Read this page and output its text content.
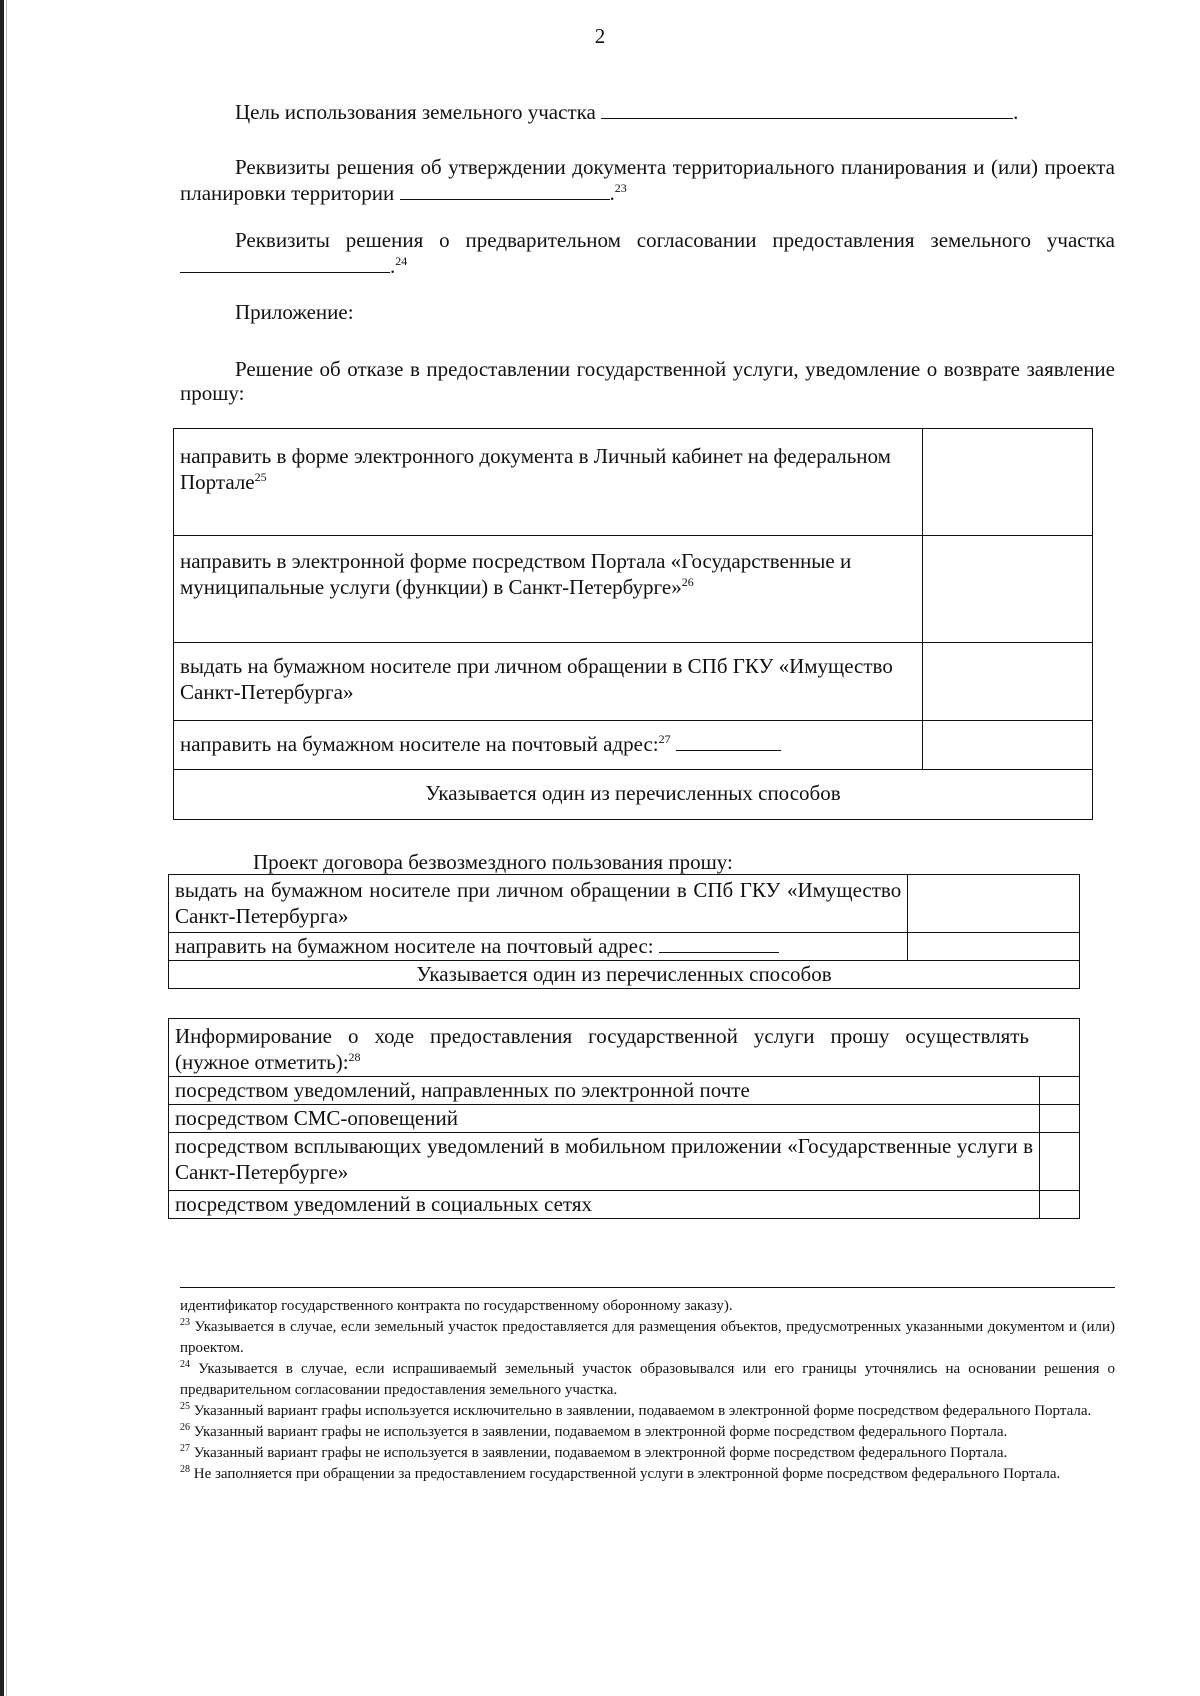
2
Цель использования земельного участка	.
Реквизиты решения об утверждении документа территориального планирования и (или) проекта планировки территории	.$^{23}$
Реквизиты решения о предварительном согласовании предоставления земельного участка .$^{24}$
Приложение:
Решение об отказе в предоставлении государственной услуги, уведомление о возврате заявление прошу:
направить в форме электронного документа в Личный кабинет на федеральном Портале$^{25}$	
направить в электронной форме посредством Портала «Государственные и муниципальные услуги (функции) в Санкт-Петербурге»$^{26}$	
выдать на бумажном носителе при личном обращении в СПб ГКУ «Имущество Санкт-Петербурга»	
направить на бумажном носителе на почтовый адрес:$^{27}$	
Указывается один из перечисленных способов	
Проект договора безвозмездного пользования прошу:
выдать на бумажном носителе при личном обращении в СПб ГКУ «Имущество Санкт-Петербурга»	
направить на бумажном носителе на почтовый адрес:	
Указывается один из перечисленных способов	
Информирование о ходе предоставления государственной услуги прошу осуществлять (нужное отметить):$^{28}$
посредством уведомлений, направленных по электронной почте	
посредством СМС-оповещений	
посредством всплывающих уведомлений в мобильном приложении «Государственные услуги в Санкт-Петербурге»	
посредством уведомлений в социальных сетях	

идентификатор государственного контракта по государственному оборонному заказу).

$^{23}$ Указывается в случае, если земельный участок предоставляется для размещения объектов, предусмотренных указанными документом и (или) проектом.

$^{24}$ Указывается в случае, если испрашиваемый земельный участок образовывался или его границы уточнялись на основании решения о предварительном согласовании предоставления земельного участка.

$^{25}$ Указанный вариант графы используется исключительно в заявлении, подаваемом в электронной форме посредством федерального Портала.

$^{26}$ Указанный вариант графы не используется в заявлении, подаваемом в электронной форме посредством федерального Портала.

$^{27}$ Указанный вариант графы не используется в заявлении, подаваемом в электронной форме посредством федерального Портала.

$^{28}$ Не заполняется при обращении за предоставлением государственной услуги в электронной форме посредством федерального Портала.
